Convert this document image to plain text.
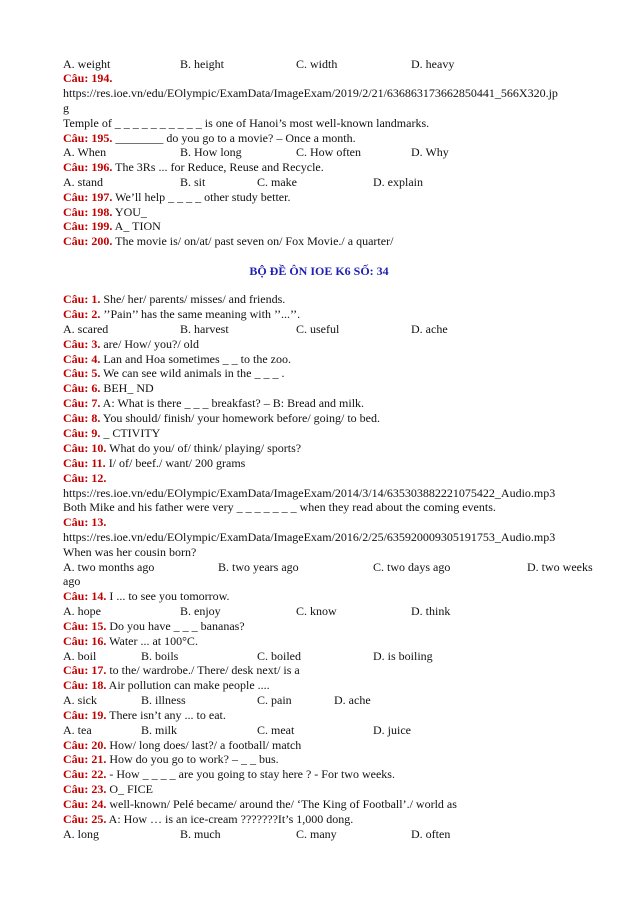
BỘ ĐỀ ÔN IOE K6 SỐ: 34
A. weight	B. height	C. width	D. heavy
Câu: 194.
https://res.ioe.vn/edu/EOlympic/ExamData/ImageExam/2019/2/21/636863173662850441_566X320.jp
g
Temple of _ _ _ _ _ _ _ _ _ _ is one of Hanoi’s most well-known landmarks.
Câu: 195. ________ do you go to a movie? – Once a month.
A. When	B. How long	C. How often	D. Why
Câu: 196. The 3Rs ... for Reduce, Reuse and Recycle.
A. stand	B. sit	C. make	D. explain
Câu: 197. We’ll help _ _ _ _ other study better.
Câu: 198. YOU_
Câu: 199. A_ TION
Câu: 200. The movie is/ on/at/ past seven on/ Fox Movie./ a quarter/
Câu: 1. She/ her/ parents/ misses/ and friends.
Câu: 2. ’’Pain’’ has the same meaning with ’’...’’.
A. scared	B. harvest	C. useful	D. ache
Câu: 3. are/ How/ you?/ old
Câu: 4. Lan and Hoa sometimes _ _ to the zoo.
Câu: 5. We can see wild animals in the _ _ _ .
Câu: 6. BEH_ ND
Câu: 7. A: What is there _ _ _ breakfast? – B: Bread and milk.
Câu: 8. You should/ finish/ your homework before/ going/ to bed.
Câu: 9. _ CTIVITY
Câu: 10. What do you/ of/ think/ playing/ sports?
Câu: 11. I/ of/ beef./ want/ 200 grams
Câu: 12.
https://res.ioe.vn/edu/EOlympic/ExamData/ImageExam/2014/3/14/635303882221075422_Audio.mp3
Both Mike and his father were very _ _ _ _ _ _ _ when they read about the coming events.
Câu: 13.
https://res.ioe.vn/edu/EOlympic/ExamData/ImageExam/2016/2/25/635920009305191753_Audio.mp3
When was her cousin born?
A. two months ago	B. two years ago	C. two days ago	D. two weeks
ago
Câu: 14. I ... to see you tomorrow.
A. hope	B. enjoy	C. know	D. think
Câu: 15. Do you have _ _ _ bananas?
Câu: 16. Water ... at 100°C.
A. boil	B. boils	C. boiled	D. is boiling
Câu: 17. to the/ wardrobe./ There/ desk next/ is a
Câu: 18. Air pollution can make people ....
A. sick	B. illness	C. pain	D. ache
Câu: 19. There isn’t any ... to eat.
A. tea	B. milk	C. meat	D. juice
Câu: 20. How/ long does/ last?/ a football/ match
Câu: 21. How do you go to work? – _ _ bus.
Câu: 22. - How _ _ _ _ are you going to stay here ? - For two weeks.
Câu: 23. O_ FICE
Câu: 24. well-known/ Pelé became/ around the/ ‘The King of Football’./ world as
Câu: 25. A: How … is an ice-cream ???????It’s 1,000 dong.
A. long	B. much	C. many	D. often
